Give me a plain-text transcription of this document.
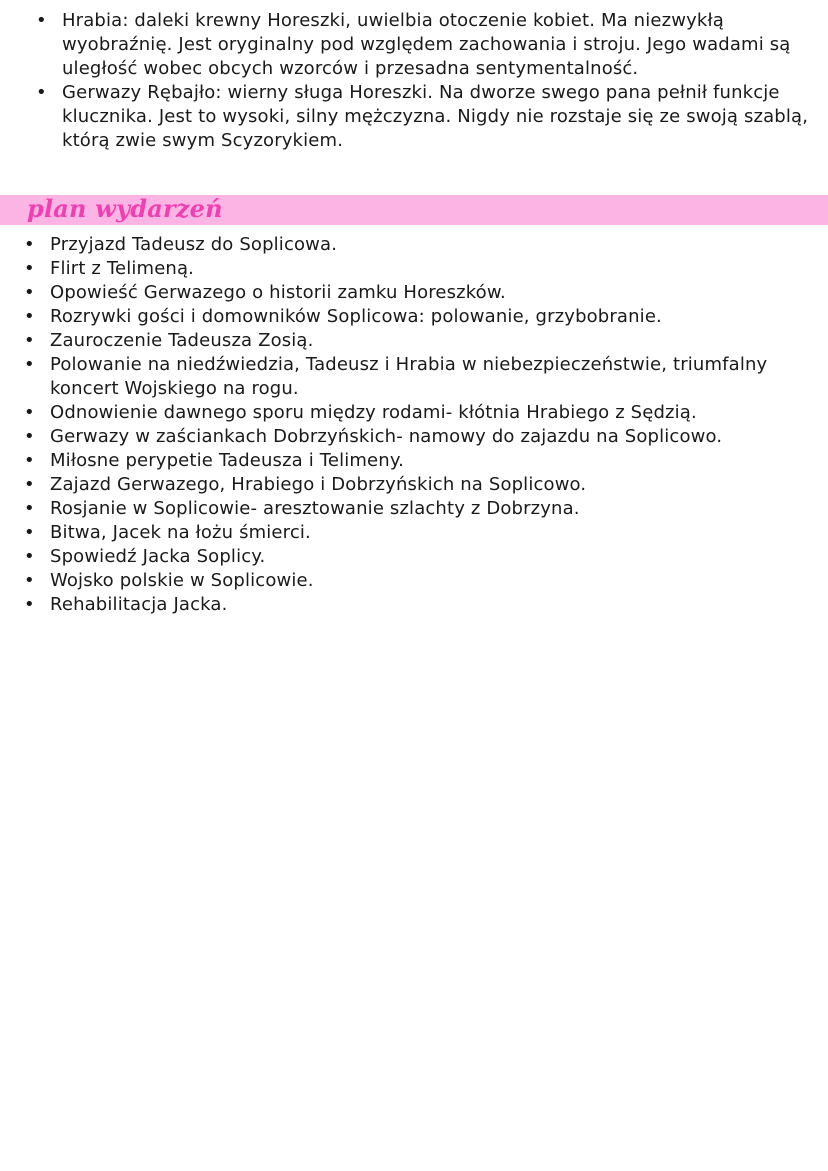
• Hrabia: daleki krewny Horeszki, uwielbia otoczenie kobiet. Ma niezwykłą wyobraźnię. Jest oryginalny pod względem zachowania i stroju. Jego wadami są uległość wobec obcych wzorców i przesadna sentymentalność.
• Gerwazy Rębajło: wierny sługa Horeszki. Na dworze swego pana pełnił funkcje klucznika. Jest to wysoki, silny mężczyzna. Nigdy nie rozstaje się ze swoją szablą, którą zwie swym Scyzorykiem.
plan wydarzeń
• Przyjazd Tadeusz do Soplicowa.
• Flirt z Telimeną.
• Opowieść Gerwazego o historii zamku Horeszków.
• Rozrywki gości i domowników Soplicowa: polowanie, grzybobranie.
• Zauroczenie Tadeusza Zosią.
• Polowanie na niedźwiedzia, Tadeusz i Hrabia w niebezpieczeństwie, triumfalny koncert Wojskiego na rogu.
• Odnowienie dawnego sporu między rodami- kłótnia Hrabiego z Sędzią.
• Gerwazy w zaściankach Dobrzyńskich- namowy do zajazdu na Soplicowo.
• Miłosne perypetie Tadeusza i Telimeny.
• Zajazd Gerwazego, Hrabiego i Dobrzyńskich na Soplicowo.
• Rosjanie w Soplicowie- aresztowanie szlachty z Dobrzyna.
• Bitwa, Jacek na łożu śmierci.
• Spowiedź Jacka Soplicy.
• Wojsko polskie w Soplicowie.
• Rehabilitacja Jacka.
